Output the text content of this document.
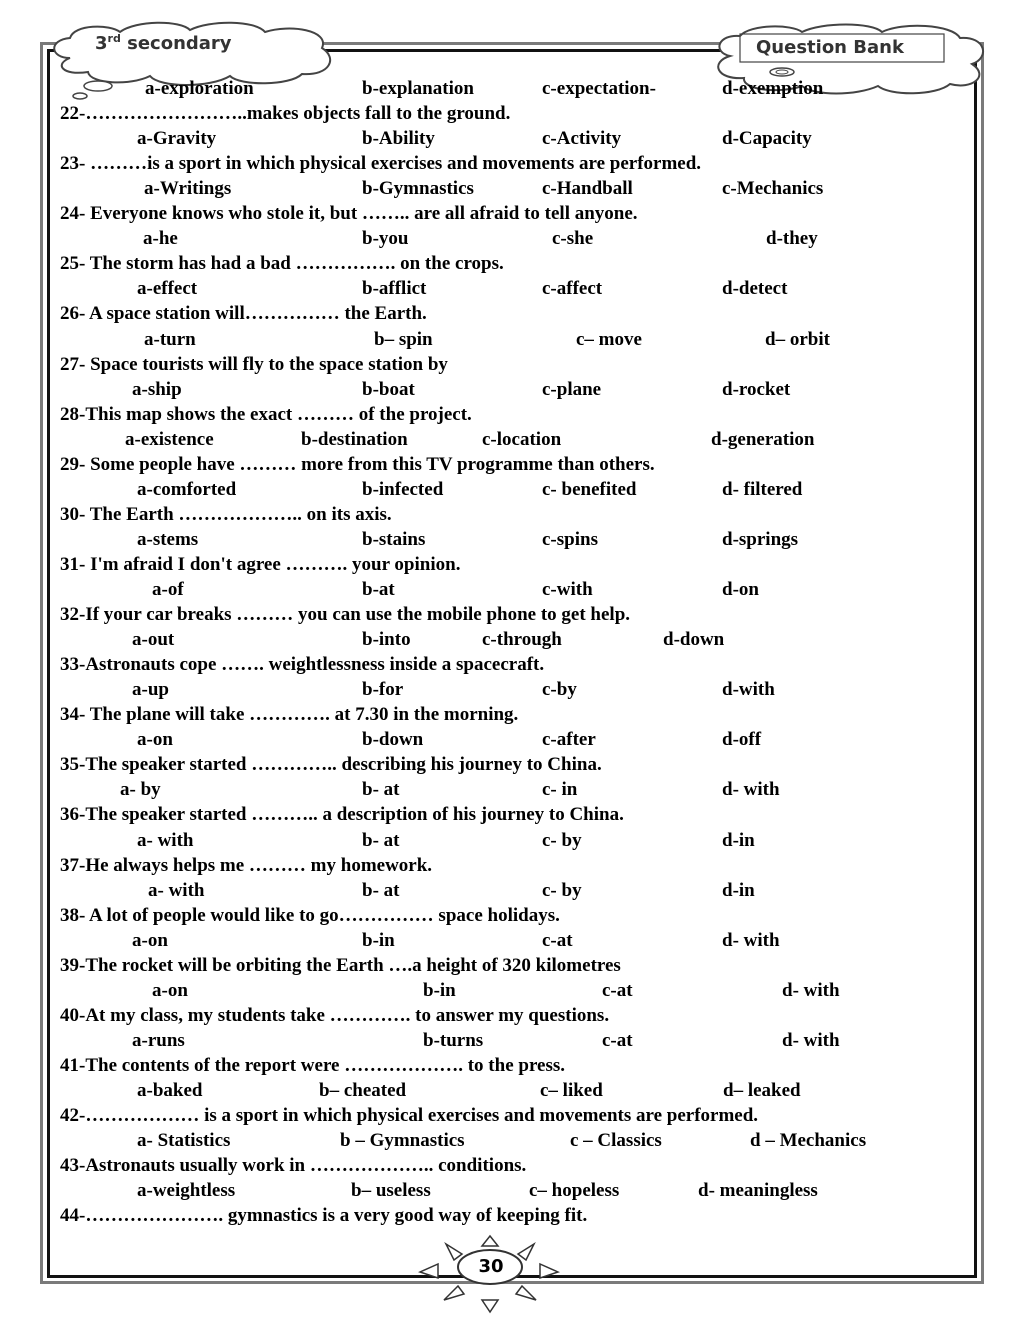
3rd secondary	Question Bank
a-exploration	b-explanation	c-expectation-	d-exemption
22-……………………..makes objects fall to the ground.
a-Gravity	b-Ability	c-Activity	d-Capacity
23- ………is a sport in which physical exercises and movements are performed.
a-Writings	b-Gymnastics	c-Handball	c-Mechanics
24- Everyone knows who stole it, but …….. are all afraid to tell anyone.
a-he	b-you	c-she	d-they
25- The storm has had a bad ……………. on the crops.
a-effect	b-afflict	c-affect	d-detect
26- A space station will…………… the Earth.
a-turn	b– spin	c– move	d– orbit
27- Space tourists will fly to the space station by
a-ship	b-boat	c-plane	d-rocket
28-This map shows the exact ……… of the project.
a-existence	b-destination	c-location	d-generation
29- Some people have ……… more from this TV programme than others.
a-comforted	b-infected	c- benefited	d- filtered
30- The Earth ……………….. on its axis.
a-stems	b-stains	c-spins	d-springs
31- I'm afraid I don't agree ………. your opinion.
a-of	b-at	c-with	d-on
32-If your car breaks ……… you can use the mobile phone to get help.
a-out	b-into	c-through	d-down
33-Astronauts cope ……. weightlessness inside a spacecraft.
a-up	b-for	c-by	d-with
34- The plane will take …………. at 7.30 in the morning.
a-on	b-down	c-after	d-off
35-The speaker started ………….. describing his journey to China.
a- by	b- at	c- in	d- with
36-The speaker started ……….. a description of his journey to China.
a- with	b- at	c- by	d-in
37-He always helps me ……… my homework.
a- with	b- at	c- by	d-in
38- A lot of people would like to go…………… space holidays.
a-on	b-in	c-at	d- with
39-The rocket will be orbiting the Earth ….a height of 320 kilometres
a-on	b-in	c-at	d- with
40-At my class, my students take …………. to answer my questions.
a-runs	b-turns	c-at	d- with
41-The contents of the report were ………………. to the press.
a-baked	b– cheated	c– liked	d– leaked
42-……………… is a sport in which physical exercises and movements are performed.
a- Statistics	b – Gymnastics	c – Classics	d – Mechanics
43-Astronauts usually work in ……………….. conditions.
a-weightless	b– useless	c– hopeless	d- meaningless
44-…………………. gymnastics is a very good way of keeping fit.
30
